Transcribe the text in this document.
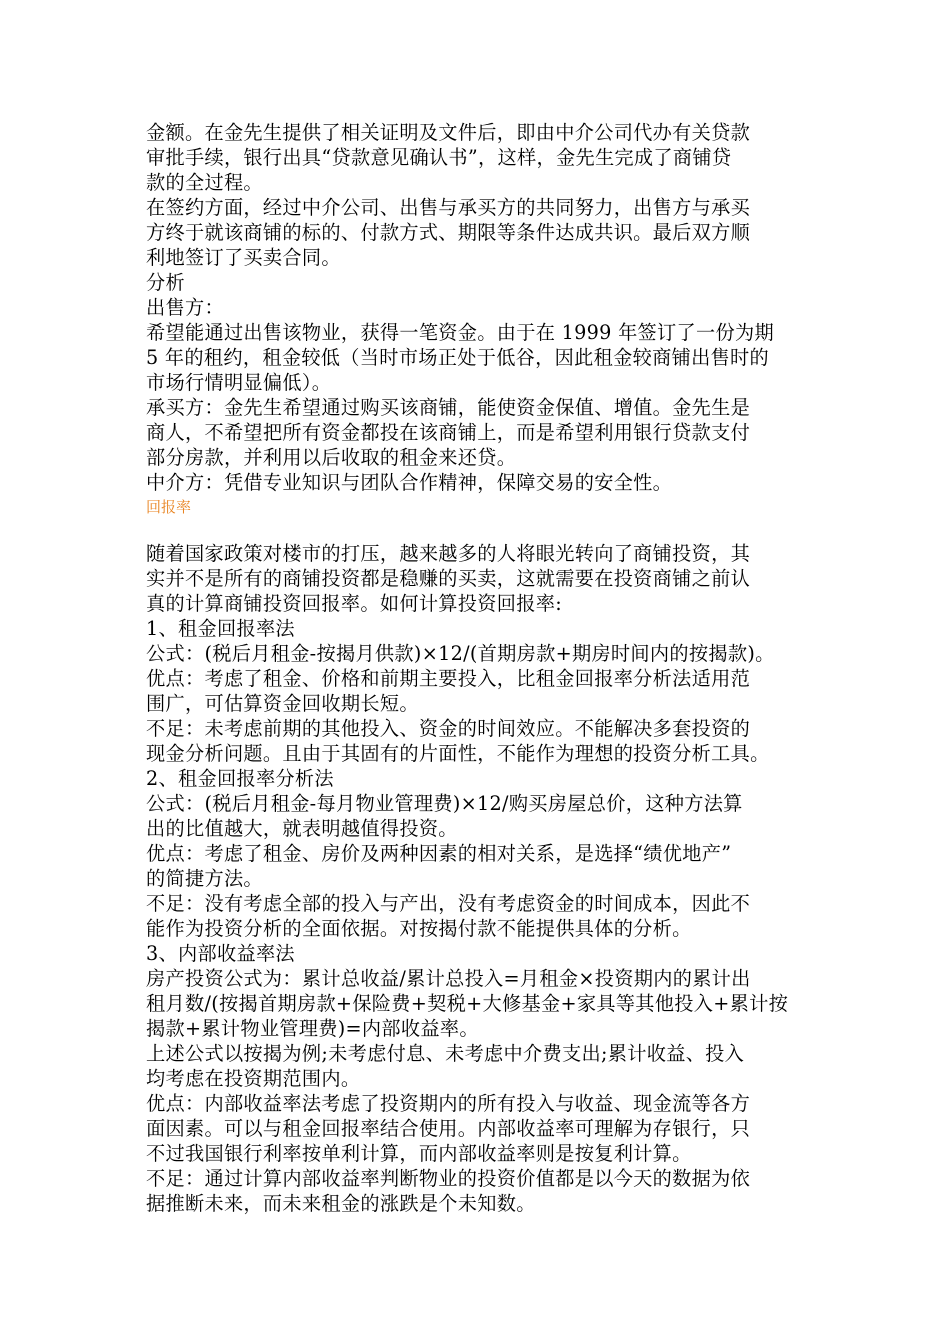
金额。在金先生提供了相关证明及文件后，即由中介公司代办有关贷款
审批手续，银行出具“贷款意见确认书”，这样，金先生完成了商铺贷
款的全过程。
在签约方面，经过中介公司、出售与承买方的共同努力，出售方与承买
方终于就该商铺的标的、付款方式、期限等条件达成共识。最后双方顺
利地签订了买卖合同。
分析
出售方：
希望能通过出售该物业，获得一笔资金。由于在 1999 年签订了一份为期
5 年的租约，租金较低（当时市场正处于低谷，因此租金较商铺出售时的
市场行情明显偏低）。
承买方：金先生希望通过购买该商铺，能使资金保值、增值。金先生是
商人，不希望把所有资金都投在该商铺上，而是希望利用银行贷款支付
部分房款，并利用以后收取的租金来还贷。
中介方：凭借专业知识与团队合作精神，保障交易的安全性。
回报率
随着国家政策对楼市的打压，越来越多的人将眼光转向了商铺投资，其
实并不是所有的商铺投资都是稳赚的买卖，这就需要在投资商铺之前认
真的计算商铺投资回报率。如何计算投资回报率:
1、租金回报率法
公式：(税后月租金-按揭月供款)×12/(首期房款+期房时间内的按揭款)。
优点：考虑了租金、价格和前期主要投入，比租金回报率分析法适用范
围广，可估算资金回收期长短。
不足：未考虑前期的其他投入、资金的时间效应。不能解决多套投资的
现金分析问题。且由于其固有的片面性，不能作为理想的投资分析工具。
2、租金回报率分析法
公式：(税后月租金-每月物业管理费)×12/购买房屋总价，这种方法算
出的比值越大，就表明越值得投资。
优点：考虑了租金、房价及两种因素的相对关系，是选择“绩优地产”
的简捷方法。
不足：没有考虑全部的投入与产出，没有考虑资金的时间成本，因此不
能作为投资分析的全面依据。对按揭付款不能提供具体的分析。
3、内部收益率法
房产投资公式为：累计总收益/累计总投入=月租金×投资期内的累计出
租月数/(按揭首期房款+保险费+契税+大修基金+家具等其他投入+累计按
揭款+累计物业管理费)=内部收益率。
上述公式以按揭为例;未考虑付息、未考虑中介费支出;累计收益、投入
均考虑在投资期范围内。
优点：内部收益率法考虑了投资期内的所有投入与收益、现金流等各方
面因素。可以与租金回报率结合使用。内部收益率可理解为存银行，只
不过我国银行利率按单利计算，而内部收益率则是按复利计算。
不足：通过计算内部收益率判断物业的投资价值都是以今天的数据为依
据推断未来，而未来租金的涨跌是个未知数。
